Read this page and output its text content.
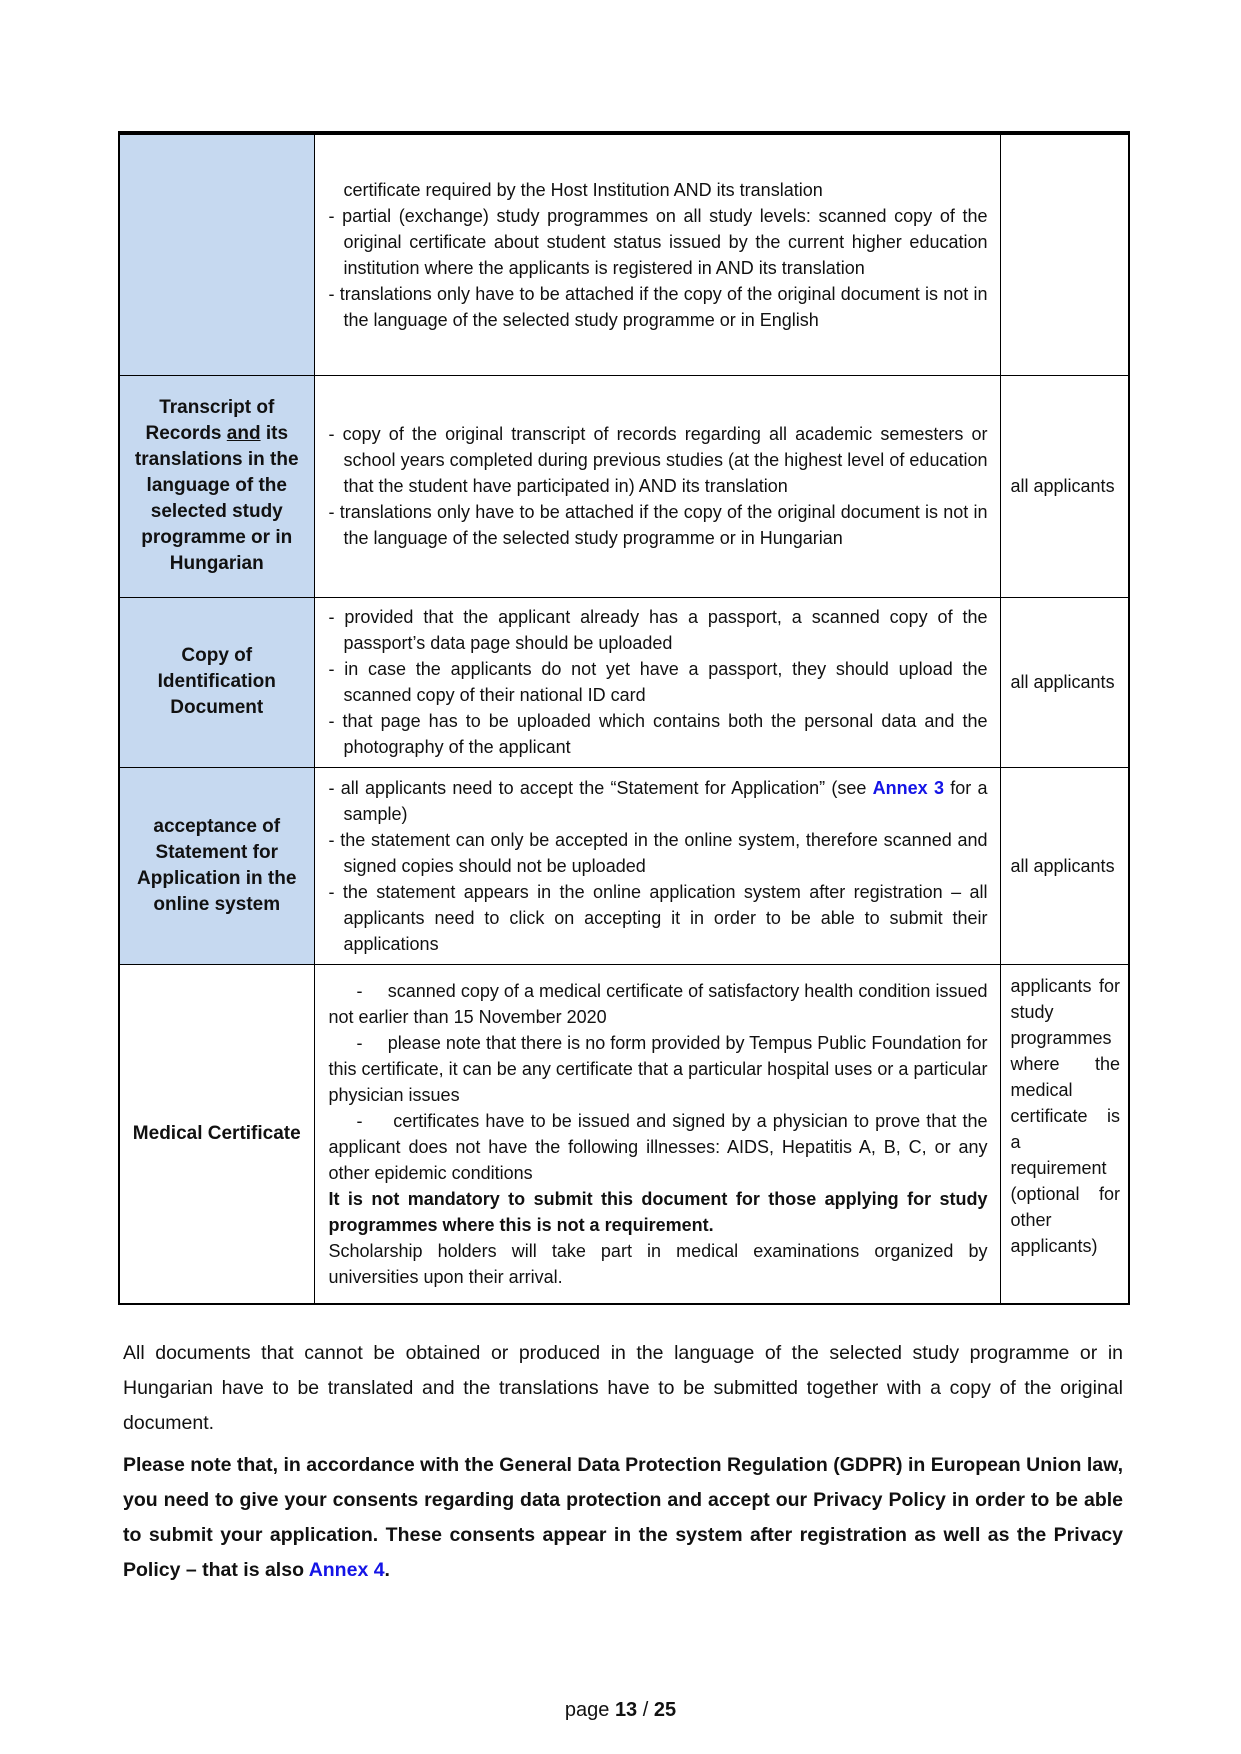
	certificate required by the Host Institution AND its translation
- partial (exchange) study programmes on all study levels: scanned copy of the original certificate about student status issued by the current higher education institution where the applicants is registered in AND its translation
- translations only have to be attached if the copy of the original document is not in the language of the selected study programme or in English	

Transcript of Records and its translations in the language of the selected study programme or in Hungarian	- copy of the original transcript of records regarding all academic semesters or school years completed during previous studies (at the highest level of education that the student have participated in) AND its translation
- translations only have to be attached if the copy of the original document is not in the language of the selected study programme or in Hungarian	all applicants
Copy of Identification Document	- provided that the applicant already has a passport, a scanned copy of the passport’s data page should be uploaded
- in case the applicants do not yet have a passport, they should upload the scanned copy of their national ID card
- that page has to be uploaded which contains both the personal data and the photography of the applicant	all applicants
acceptance of Statement for Application in the online system	- all applicants need to accept the “Statement for Application” (see Annex 3 for a sample)
- the statement can only be accepted in the online system, therefore scanned and signed copies should not be uploaded
- the statement appears in the online application system after registration – all applicants need to click on accepting it in order to be able to submit their applications	all applicants
Medical Certificate	-     scanned copy of a medical certificate of satisfactory health condition issued not earlier than 15 November 2020
-     please note that there is no form provided by Tempus Public Foundation for this certificate, it can be any certificate that a particular hospital uses or a particular physician issues
-     certificates have to be issued and signed by a physician to prove that the applicant does not have the following illnesses: AIDS, Hepatitis A, B, C, or any other epidemic conditions
It is not mandatory to submit this document for those applying for study programmes where this is not a requirement.
Scholarship holders will take part in medical examinations organized by universities upon their arrival.	applicants for study programmes where the medical certificate is a requirement (optional for other applicants)
All documents that cannot be obtained or produced in the language of the selected study programme or in Hungarian have to be translated and the translations have to be submitted together with a copy of the original document.
Please note that, in accordance with the General Data Protection Regulation (GDPR) in European Union law, you need to give your consents regarding data protection and accept our Privacy Policy in order to be able to submit your application. These consents appear in the system after registration as well as the Privacy Policy – that is also Annex 4.
page 13 / 25
